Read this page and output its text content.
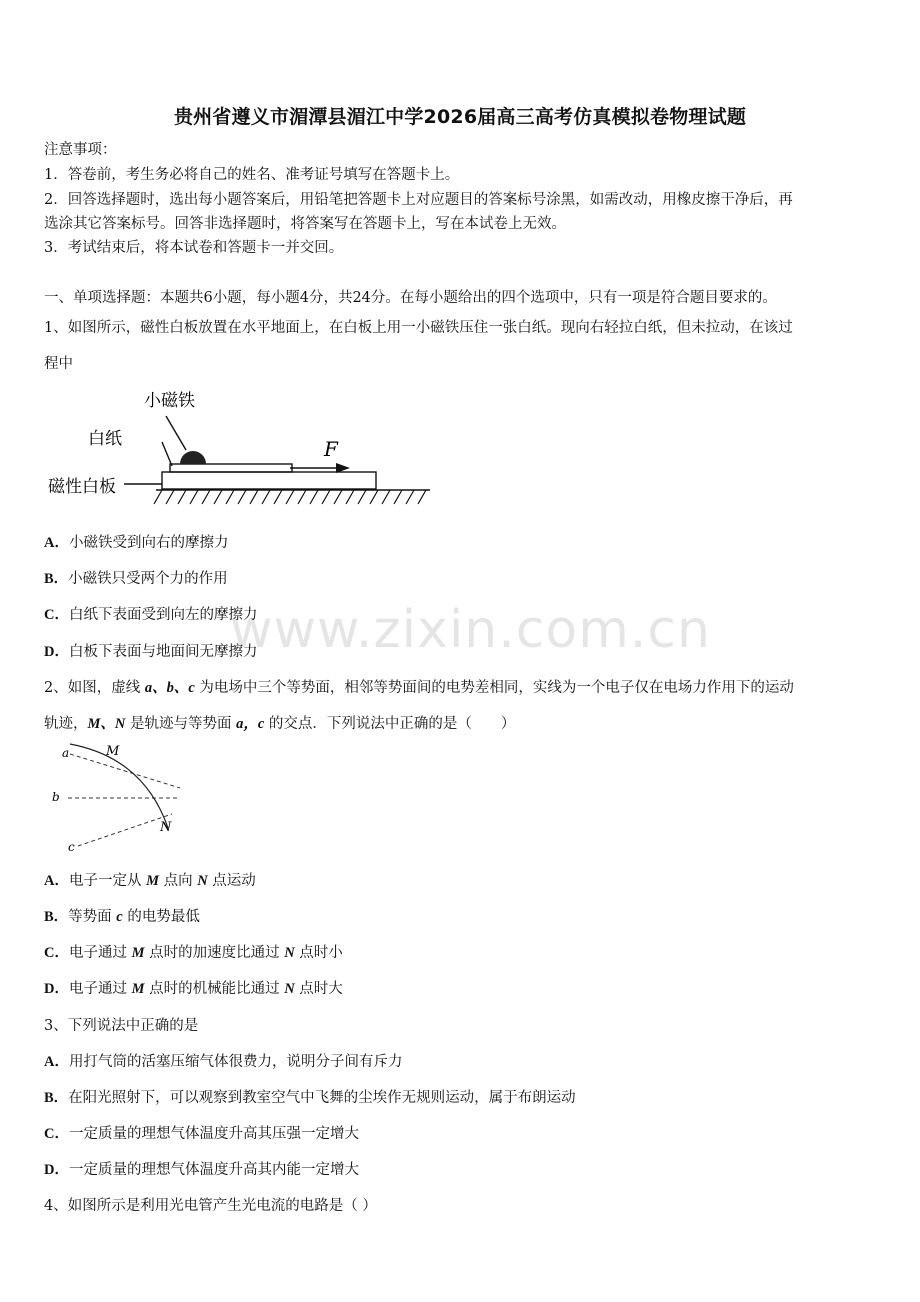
贵州省遵义市湄潭县湄江中学2026届高三高考仿真模拟卷物理试题
注意事项：
1．答卷前，考生务必将自己的姓名、准考证号填写在答题卡上。
2．回答选择题时，选出每小题答案后，用铅笔把答题卡上对应题目的答案标号涂黑，如需改动，用橡皮擦干净后，再
选涂其它答案标号。回答非选择题时，将答案写在答题卡上，写在本试卷上无效。
3．考试结束后，将本试卷和答题卡一并交回。
一、单项选择题：本题共6小题，每小题4分，共24分。在每小题给出的四个选项中，只有一项是符合题目要求的。
1、如图所示，磁性白板放置在水平地面上，在白板上用一小磁铁压住一张白纸。现向右轻拉白纸，但未拉动，在该过
程中
小磁铁
白纸
磁性白板
F
A．小磁铁受到向右的摩擦力
B．小磁铁只受两个力的作用
C．白纸下表面受到向左的摩擦力
D．白板下表面与地面间无摩擦力
www.zixin.com.cn
2、如图，虚线 a、b、c 为电场中三个等势面，相邻等势面间的电势差相同，实线为一个电子仅在电场力作用下的运动
轨迹，M、N 是轨迹与等势面 a，c 的交点．下列说法中正确的是（　　）
a
b
c
M
N
A．电子一定从 M 点向 N 点运动
B．等势面 c 的电势最低
C．电子通过 M 点时的加速度比通过 N 点时小
D．电子通过 M 点时的机械能比通过 N 点时大
3、下列说法中正确的是
A．用打气筒的活塞压缩气体很费力，说明分子间有斥力
B．在阳光照射下，可以观察到教室空气中飞舞的尘埃作无规则运动，属于布朗运动
C．一定质量的理想气体温度升高其压强一定增大
D．一定质量的理想气体温度升高其内能一定增大
4、如图所示是利用光电管产生光电流的电路是（ ）
